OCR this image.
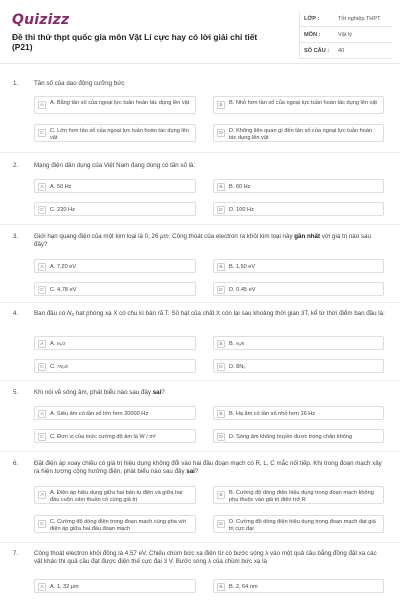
Quizizz
Đề thi thử thpt quốc gia môn Vật Lí cực hay có lời giải chi tiết (P21)
LỚP :	Tốt nghiệp THPT
MÔN :	Vật lý
SỐ CÂU :	40
1.	Tần số của dao động cưỡng bức
A	A. Bằng tần số của ngoại lực tuần hoàn tác dụng lên vật	B	B. Nhỏ hơn tần số của ngoại lực tuần hoàn tác dụng lên vật
C	C. Lớn hơn tần số của ngoại lực tuần hoàn tác dụng lên vật
D	D. Không liên quan gì đến tần số của ngoại lực tuần hoàn tác dụng lên vật
2.	Mạng điện dân dụng của Việt Nam đang dùng có tần số là:
A	A. 50 Hz	B	B. 60 Hz
C	C. 220 Hz	D	D. 100 Hz
3.	Giới hạn quang điện của một kim loại là 0, 26 μm. Công thoát của electron ra khỏi kim loại này gần nhất với giá trị nào sau đây?
A	A. 7,20 eV	B	B. 1,50 eV
C	C. 4,78 eV	D	D. 0,45 eV
4.	Ban đầu có N₀ hạt phóng xạ X có chu kì bán rã T. Số hạt của chất X còn lại sau khoảng thời gian 3T, kể từ thời điểm ban đầu là:
A	A. N₀/3	B	B. N₀/8
C	C. 7N₀/8	D	D. 8N₀
5.	Khi nói về sóng âm, phát biểu nào sau đây sai?
A	A. Siêu âm có tần số lớn hơn 20000 Hz	B	B. Hạ âm có tần số nhỏ hơn 16 Hz
C	C. Đơn vị của mức cường độ âm là W / m²	D	D. Sóng âm không truyền được trong chân không
6.	Đặt điện áp xoay chiều có giá trị hiệu dụng không đổi vào hai đầu đoạn mạch có R, L, C mắc nối tiếp. Khi trong đoạn mạch xảy ra hiện tượng cộng hưởng điện, phát biểu nào sau đây sai?
A	A. Điện áp hiệu dụng giữa hai bản tụ điện và giữa hai đầu cuộn cảm thuần có cùng giá trị
B	B. Cường độ dòng điện hiệu dụng trong đoạn mạch không phụ thuộc vào giá trị điện trở R
C	C. Cường độ dòng điện trong đoạn mạch cùng pha với điện áp giữa hai đầu đoạn mạch
D	D. Cường độ dòng điện hiệu dụng trong đoạn mạch đạt giá trị cực đại
7.	Công thoát electron khỏi đồng là 4,57 eV. Chiếu chùm bức xạ điện từ có bước sóng λ vào một quả cầu bằng đồng đặt xa các vật khác thì quả cầu đạt được điện thế cực đại 3 V. Bước sóng λ của chùm bức xạ là
A	A. 1, 32 μm	B	B. 2, 64 nm
